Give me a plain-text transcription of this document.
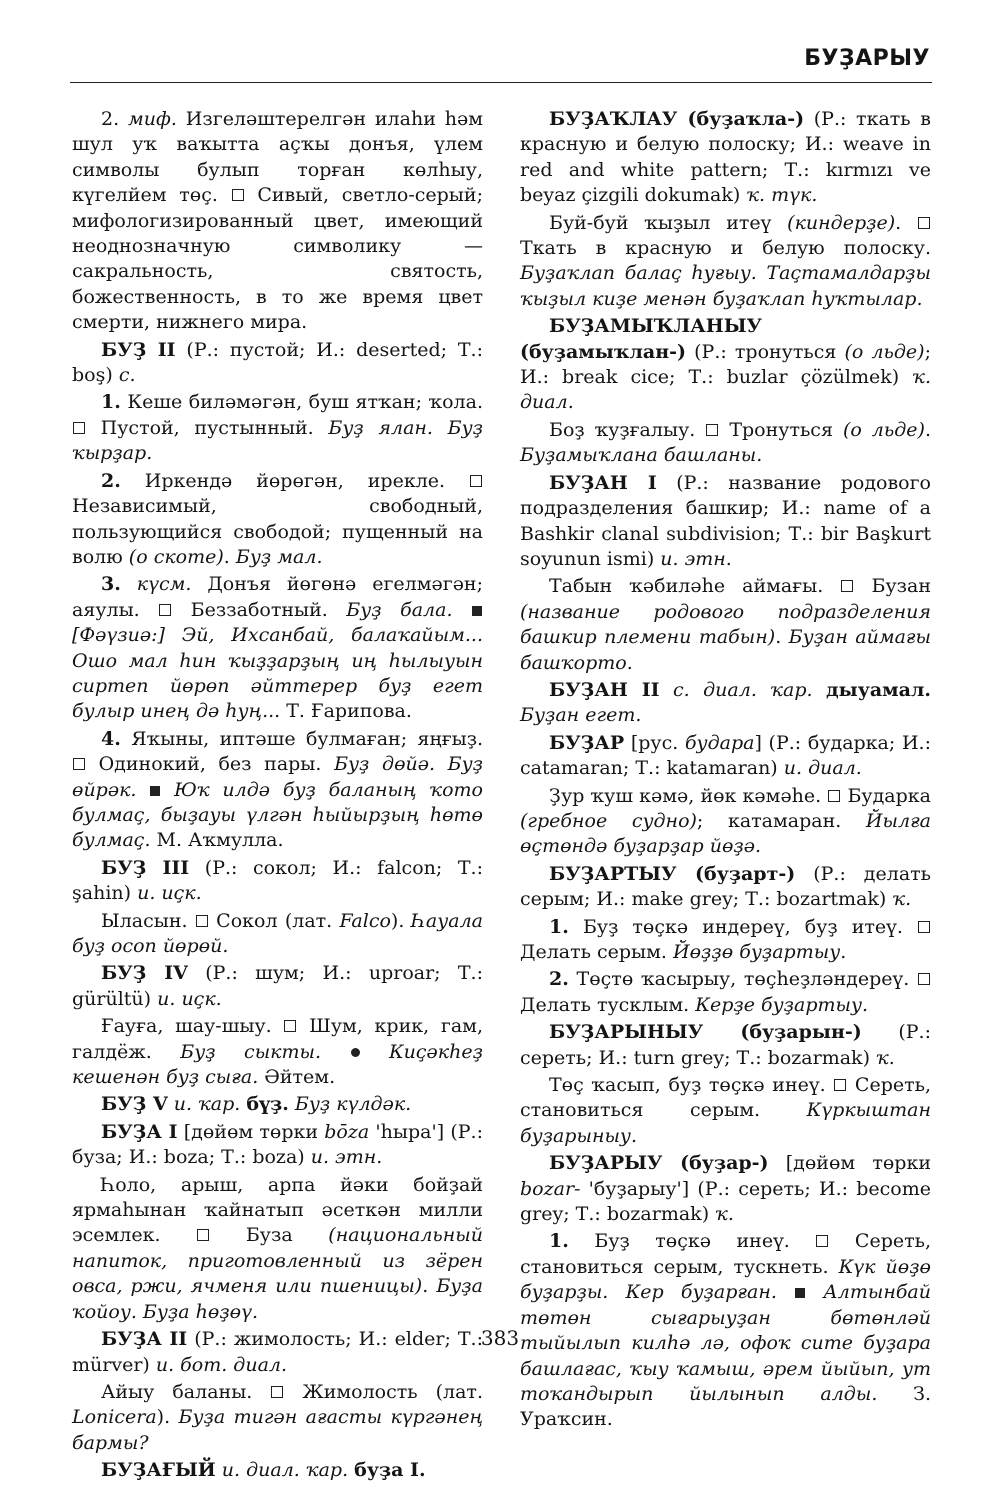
БУҘАРЫУ

2. миф. Изгеләштерелгән илаһи һәм шул уҡ ваҡытта аҫҡы донъя, үлем символы булып торған көлһыу, күгелйем төҫ.  Сивый, светло-серый; мифологизированный цвет, имеющий неоднозначную символику — сакральность, святость, божественность, в то же время цвет смерти, нижнего мира.

БУҘ II (Р.: пустой; И.: deserted; Т.: boş) с.

1. Кеше биләмәгән, буш ятҡан; ҡола.  Пустой, пустынный. Буҙ ялан. Буҙ ҡырҙар.

2. Иркендә йөрөгән, ирекле.  Независимый, свободный, пользующийся свободой; пущенный на волю (о скоте). Буҙ мал.

3. күсм. Донъя йөгөнә егелмәгән; аяулы.  Беззаботный. Буҙ бала.  [Фәүзиә:] Эй, Ихсанбай, балаҡайым... Ошо мал һин ҡыҙҙарҙың иң һылыуын сиртеп йөрөп әйттерер буҙ егет булыр инең дә һуң... Т. Ғарипова.

4. Яҡыны, иптәше булмаған; яңғыҙ.  Одинокий, без пары. Буҙ дөйә. Буҙ өйрәк. Юҡ илдә буҙ баланың ҡото булмаҫ, быҙауы үлгән һыйырҙың һөтө булмаҫ. М. Аҡмулла.

БУҘ III (Р.: сокол; И.: falcon; Т.: şahin) и. иҫк.

Ыласын.  Сокол (лат. Falco). Һауала буҙ осоп йөрөй.

БУҘ IV (Р.: шум; И.: uproar; Т.: gürültü) и. иҫк.

Ғауға, шау-шыу.  Шум, крик, гам, галдёж. Буҙ сыкты.	Киҫәкһеҙ кешенән буҙ сыға. Әйтем.

БУҘ V и. ҡар. бүҙ. Буҙ күлдәк.

БУҘА I [дөйөм төрки bōza 'һыра'] (Р.: буза; И.: boza; Т.: boza) и. этн.

Һоло, арыш, арпа йәки бойҙай ярмаһынан ҡайнатып әсеткән милли эсемлек.  Буза (национальный напиток, приготовленный из зёрен овса, ржи, ячменя или пшеницы). Буҙа ҡойоу. Буҙа һөҙөү.

БУҘА II (Р.: жимолость; И.: elder; Т.: mürver) и. бот. диал.

Айыу баланы.  Жимолость (лат. Lonicera). Буҙа тигән ағасты күргәнең бармы?

БУҘАҒЫЙ и. диал. ҡар. буҙа I.

БУҘАҠЛАУ (буҙаҡла-) (Р.: ткать в красную и белую полоску; И.: weave in red and white pattern; Т.: kırmızı ve beyaz çizgili dokumak) ҡ. түк.

Буй-буй ҡыҙыл итеү (киндерҙе).  Ткать в красную и белую полоску. Буҙаҡлап балаҫ һуғыу. Таҫтамалдарҙы ҡыҙыл киҙе менән буҙаҡлап һуҡтылар.

БУҘАМЫҠЛАНЫУ (буҙамыҡлан-) (Р.: тронуться (о льде); И.: break cice; Т.: buzlar çözülmek) ҡ. диал.

Боҙ ҡуҙғалыу.  Тронуться (о льде). Буҙамыҡлана башланы.

БУҘАН I (Р.: название родового подразделения башкир; И.: name of a Bashkir clanal subdivision; Т.: bir Başkurt soyunun ismi) и. этн.

Табын ҡәбиләһе аймағы.  Бузан (название родового подразделения башкир племени табын). Буҙан аймағы башҡорто.

БУҘАН II с. диал. ҡар. дыуамал. Буҙан егет.

БУҘАР [рус. будара] (Р.: бударка; И.: catamaran; Т.: katamaran) и. диал.

Ҙур ҡуш кәмә, йөк кәмәһе.  Бударка (гребное судно); катамаран. Йылға өҫтөндә буҙарҙар йөҙә.

БУҘАРТЫУ (буҙарт-) (Р.: делать серым; И.: make grey; Т.: bozartmak) ҡ.

1. Буҙ төҫкә индереү, буҙ итеү.  Делать серым. Йөҙҙө буҙартыу.

2. Төҫтө ҡасырыу, төҫһеҙләндереү.  Делать тусклым. Керҙе буҙартыу.

БУҘАРЫНЫУ (буҙарын-) (Р.: сереть; И.: turn grey; Т.: bozarmak) ҡ.

Төҫ ҡасып, буҙ төҫкә инеү.  Сереть, становиться серым. Күркыштан буҙарыныу.

БУҘАРЫУ (буҙар-) [дөйөм төрки bozar- 'буҙарыу'] (Р.: сереть; И.: become grey; Т.: bozarmak) ҡ.

1. Буҙ төҫкә инеү.  Сереть, становиться серым, тускнеть. Күк йөҙө буҙарҙы. Кер буҙарған. Алтынбай төтөн сығарыуҙан бөтөнләй тыйылып килһә лә, офоҡ сите буҙара башлағас, ҡыу ҡамыш, әрем йыйып, ут тоҡандырып йылынып алды. З. Ураҡсин.

383
